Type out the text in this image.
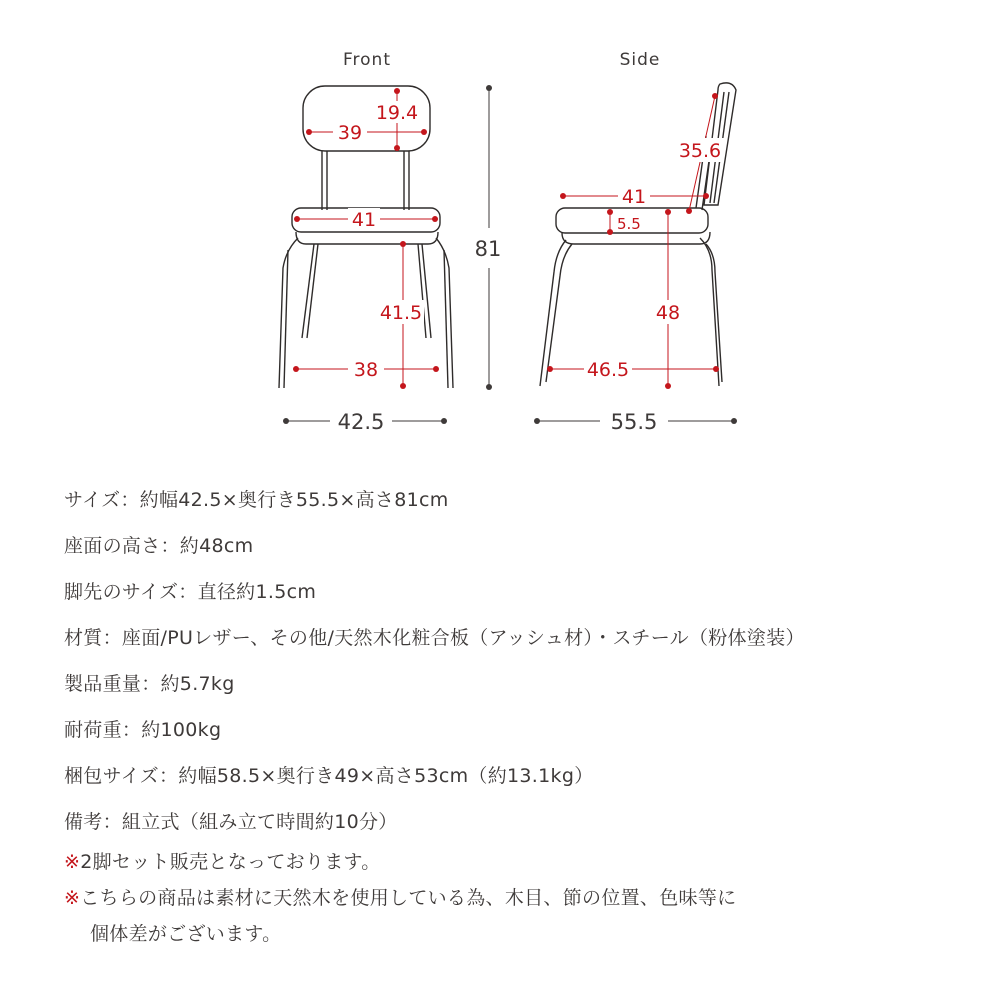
Front
19.4
39
41
41.5
38
42.5
81
Side
35.6
41
5.5
48
46.5
55.5
サイズ：約幅42.5×奥行き55.5×高さ81cm
座面の高さ：約48cm
脚先のサイズ：直径約1.5cm
材質：座面/PUレザー、その他/天然木化粧合板（アッシュ材）・スチール（粉体塗装）
製品重量：約5.7kg
耐荷重：約100kg
梱包サイズ：約幅58.5×奥行き49×高さ53cm（約13.1kg）
備考：組立式（組み立て時間約10分）
※2脚セット販売となっております。
※こちらの商品は素材に天然木を使用している為、木目、節の位置、色味等に
個体差がございます。
